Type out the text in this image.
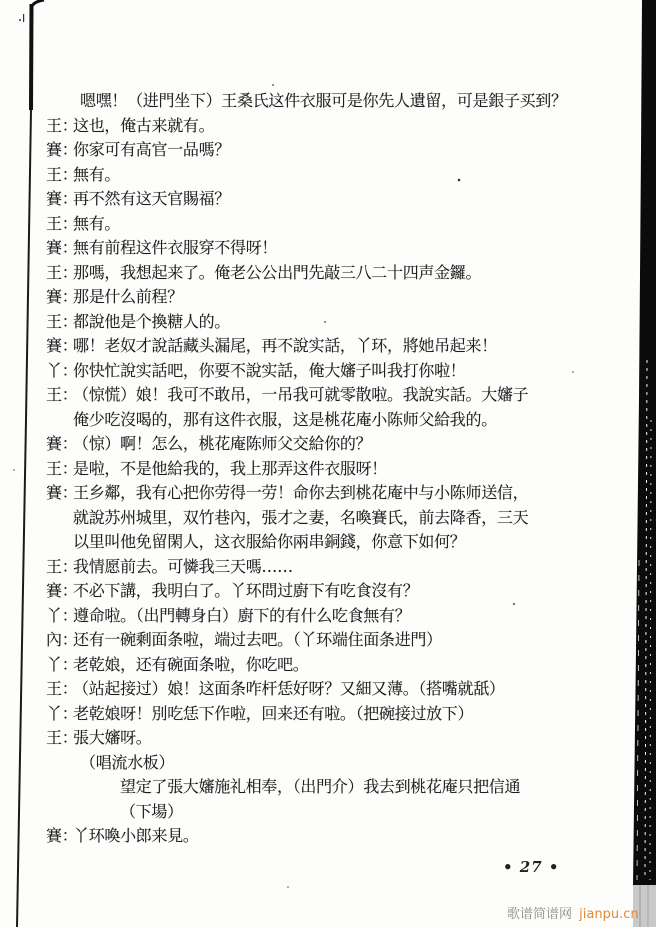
嗯嘿！（进門坐下）王桑氏这件衣服可是你先人遺留，可是銀子买到？
王：
这也，俺古来就有。
賽：
你家可有高官一品嗎？
王：
無有。
賽：
再不然有这天官賜福？
王：
無有。
賽：
無有前程这件衣服穿不得呀！
王：
那嗎，我想起来了。俺老公公出門先敲三八二十四声金鑼。
賽：
那是什么前程？
王：
都說他是个換糖人的。
賽：
哪！老奴才說話藏头漏尾，再不說实話，丫环，將她吊起来！
丫：
你快忙說实話吧，你要不說实話，俺大嬸子叫我打你啦！
王：
（惊慌）娘！我可不敢吊，一吊我可就零散啦。我說实話。大嬸子
俺少吃沒喝的，那有这件衣服，这是桃花庵小陈师父給我的。
賽：
（惊）啊！怎么，桃花庵陈师父交給你的？
王：
是啦，不是他給我的，我上那弄这件衣服呀！
賽：
王乡鄰，我有心把你劳得一劳！命你去到桃花庵中与小陈师送信，
就說苏州城里，双竹巷內，張才之妻，名喚賽氏，前去降香，三天
以里叫他免留閑人，这衣服給你兩串銅錢，你意下如何？
王：
我情愿前去。可憐我三天嗎……
賽：
不必下講，我明白了。丫环問过廚下有吃食沒有？
丫：
遵命啦。（出門轉身白）廚下的有什么吃食無有？
內：
还有一碗剩面条啦，端过去吧。（丫环端住面条进門）
丫：
老乾娘，还有碗面条啦，你吃吧。
王：
（站起接过）娘！这面条咋杆恁好呀？又細又薄。（搭嘴就舐）
丫：
老乾娘呀！別吃恁下作啦，回来还有啦。（把碗接过放下）
王：
張大嬸呀。
（唱流水板）
望定了張大嬸施礼相奉，（出門介）我去到桃花庵只把信通
（下場）
賽：
丫环喚小郎来見。
• 27 •
歌谱简谱网 jianpu.cn
